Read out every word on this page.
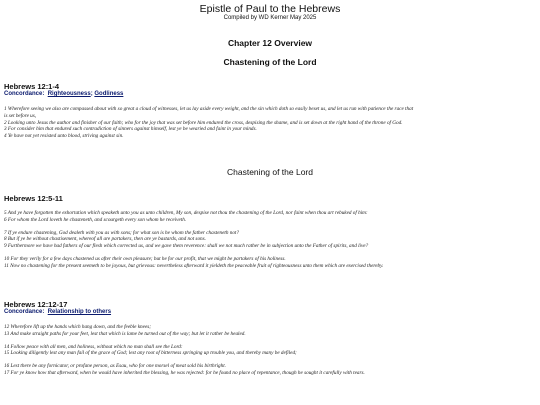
Epistle of Paul to the Hebrews
Compiled by WD Kerner May 2025
Chapter 12 Overview
Chastening of the Lord
Hebrews 12:1-4
Concordance: Righteousness; Godliness
1 Wherefore seeing we also are compassed about with so great a cloud of witnesses, let us lay aside every weight, and the sin which doth so easily beset us, and let us run with patience the race that
is set before us,
2 Looking unto Jesus the author and finisher of our faith; who for the joy that was set before him endured the cross, despising the shame, and is set down at the right hand of the throne of God.
3 For consider him that endured such contradiction of sinners against himself, lest ye be wearied and faint in your minds.
4 Ye have not yet resisted unto blood, striving against sin.
Chastening of the Lord
Hebrews 12:5-11
5 And ye have forgotten the exhortation which speaketh unto you as unto children, My son, despise not thou the chastening of the Lord, nor faint when thou art rebuked of him:
6 For whom the Lord loveth he chasteneth, and scourgeth every son whom he receiveth.
7 If ye endure chastening, God dealeth with you as with sons; for what son is he whom the father chasteneth not?
8 But if ye be without chastisement, whereof all are partakers, then are ye bastards, and not sons.
9 Furthermore we have had fathers of our flesh which corrected us, and we gave them reverence: shall we not much rather be in subjection unto the Father of spirits, and live?
10 For they verily for a few days chastened us after their own pleasure; but he for our profit, that we might be partakers of his holiness.
11 Now no chastening for the present seemeth to be joyous, but grievous: nevertheless afterward it yieldeth the peaceable fruit of righteousness unto them which are exercised thereby.
Hebrews 12:12-17
Concordance: Relationship to others
12 Wherefore lift up the hands which hang down, and the feeble knees;
13 And make straight paths for your feet, lest that which is lame be turned out of the way; but let it rather be healed.
14 Follow peace with all men, and holiness, without which no man shall see the Lord:
15 Looking diligently lest any man fail of the grace of God; lest any root of bitterness springing up trouble you, and thereby many be defiled;
16 Lest there be any fornicator, or profane person, as Esau, who for one morsel of meat sold his birthright.
17 For ye know how that afterward, when he would have inherited the blessing, he was rejected: for he found no place of repentance, though he sought it carefully with tears.
